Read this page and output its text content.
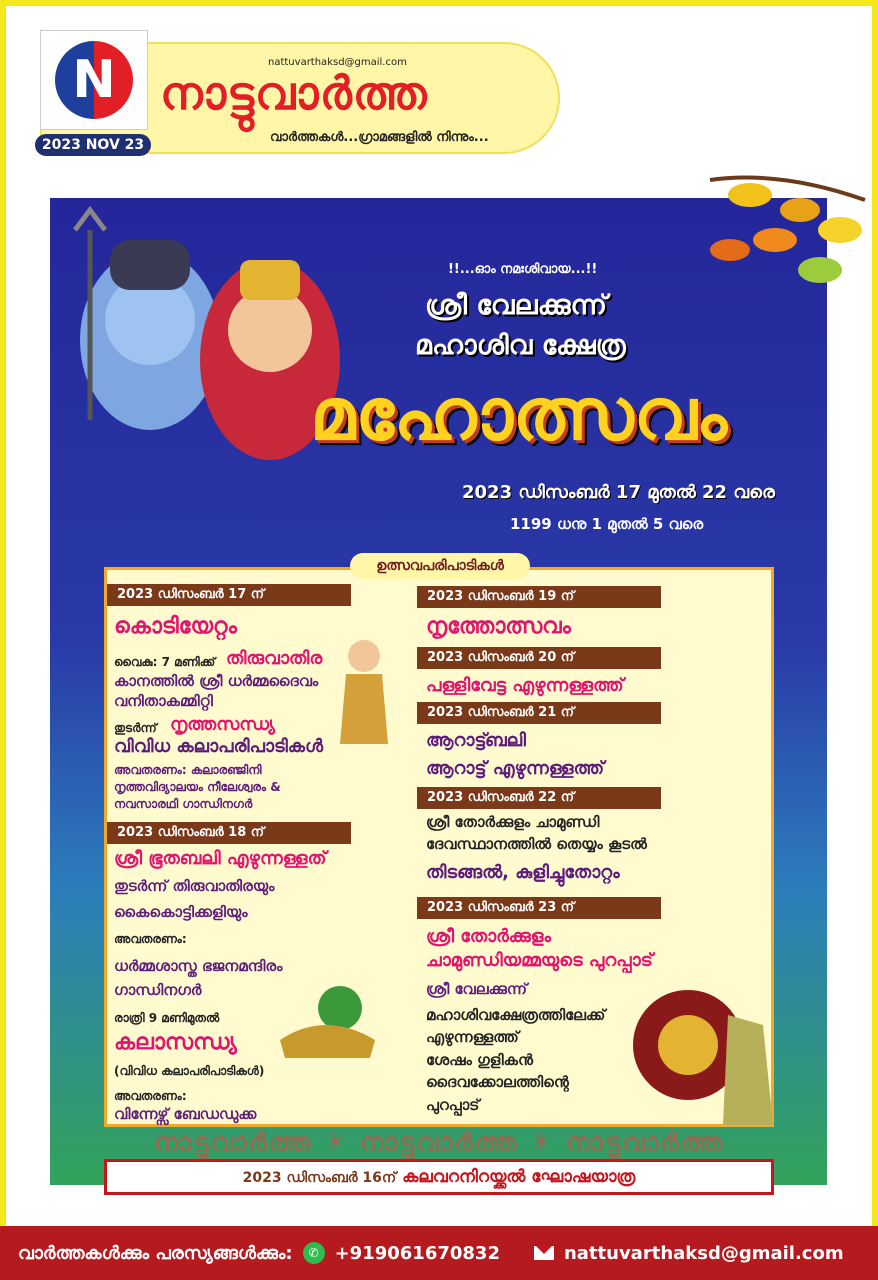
N
2023 NOV 23
nattuvarthaksd@gmail.com
നാട്ടുവാർത്ത
വാർത്തകൾ...ഗ്രാമങ്ങളിൽ നിന്നും...
!!...ഓം നമഃശിവായ...!!
ശ്രീ വേലക്കുന്ന്
മഹാശിവ ക്ഷേത്ര
മഹോത്സവം
2023 ഡിസംബർ 17 മുതൽ 22 വരെ
1199 ധനു 1 മുതൽ 5 വരെ
ഉത്സവപരിപാടികൾ
2023 ഡിസംബർ 17 ന്
കൊടിയേറ്റം
വൈകു: 7 മണിക്ക് തിരുവാതിര
കാനത്തിൽ ശ്രീ ധർമ്മദൈവം
വനിതാകമ്മിറ്റി
തുടർന്ന് നൃത്തസന്ധ്യ
വിവിധ കലാപരിപാടികൾ
അവതരണം: കലാരഞ്ജിനി
നൃത്തവിദ്യാലയം നീലേശ്വരം &
നവസാരഥി ഗാന്ധിനഗർ
2023 ഡിസംബർ 18 ന്
ശ്രീ ഭൂതബലി എഴുന്നള്ളത്
തുടർന്ന് തിരുവാതിരയും
കൈകൊട്ടിക്കളിയും
അവതരണം:
ധർമ്മശാസ്ത ഭജനമന്ദിരം
ഗാന്ധിനഗർ
രാത്രി 9 മണിമുതൽ
കലാസന്ധ്യ
(വിവിധ കലാപരിപാടികൾ)
അവതരണം:
വിന്നേഴ്സ് ബേഡഡുക്ക
2023 ഡിസംബർ 19 ന്
നൃത്തോത്സവം
2023 ഡിസംബർ 20 ന്
പള്ളിവേട്ട എഴുന്നള്ളത്ത്
2023 ഡിസംബർ 21 ന്
ആറാട്ട്ബലി
ആറാട്ട് എഴുന്നള്ളത്ത്
2023 ഡിസംബർ 22 ന്
ശ്രീ തോർക്കുളം ചാമുണ്ഡി
ദേവസ്ഥാനത്തിൽ തെയ്യം കൂടൽ
തിടങ്ങൽ, കുളിച്ചുതോറ്റം
2023 ഡിസംബർ 23 ന്
ശ്രീ തോർക്കുളം
ചാമുണ്ഡിയമ്മയുടെ പുറപ്പാട്
ശ്രീ വേലക്കുന്ന്
മഹാശിവക്ഷേത്രത്തിലേക്ക്
എഴുന്നള്ളത്ത്
ശേഷം ഗുളികൻ
ദൈവക്കോലത്തിന്റെ
പുറപ്പാട്
നാട്ടുവാർത്ത ☀ നാട്ടുവാർത്ത ☀ നാട്ടുവാർത്ത
2023 ഡിസംബർ 16ന് കലവറനിറയ്ക്കൽ ഘോഷയാത്ര
വാർത്തകൾക്കും പരസ്യങ്ങൾക്കും:	✆ +919061670832	nattuvarthaksd@gmail.com
